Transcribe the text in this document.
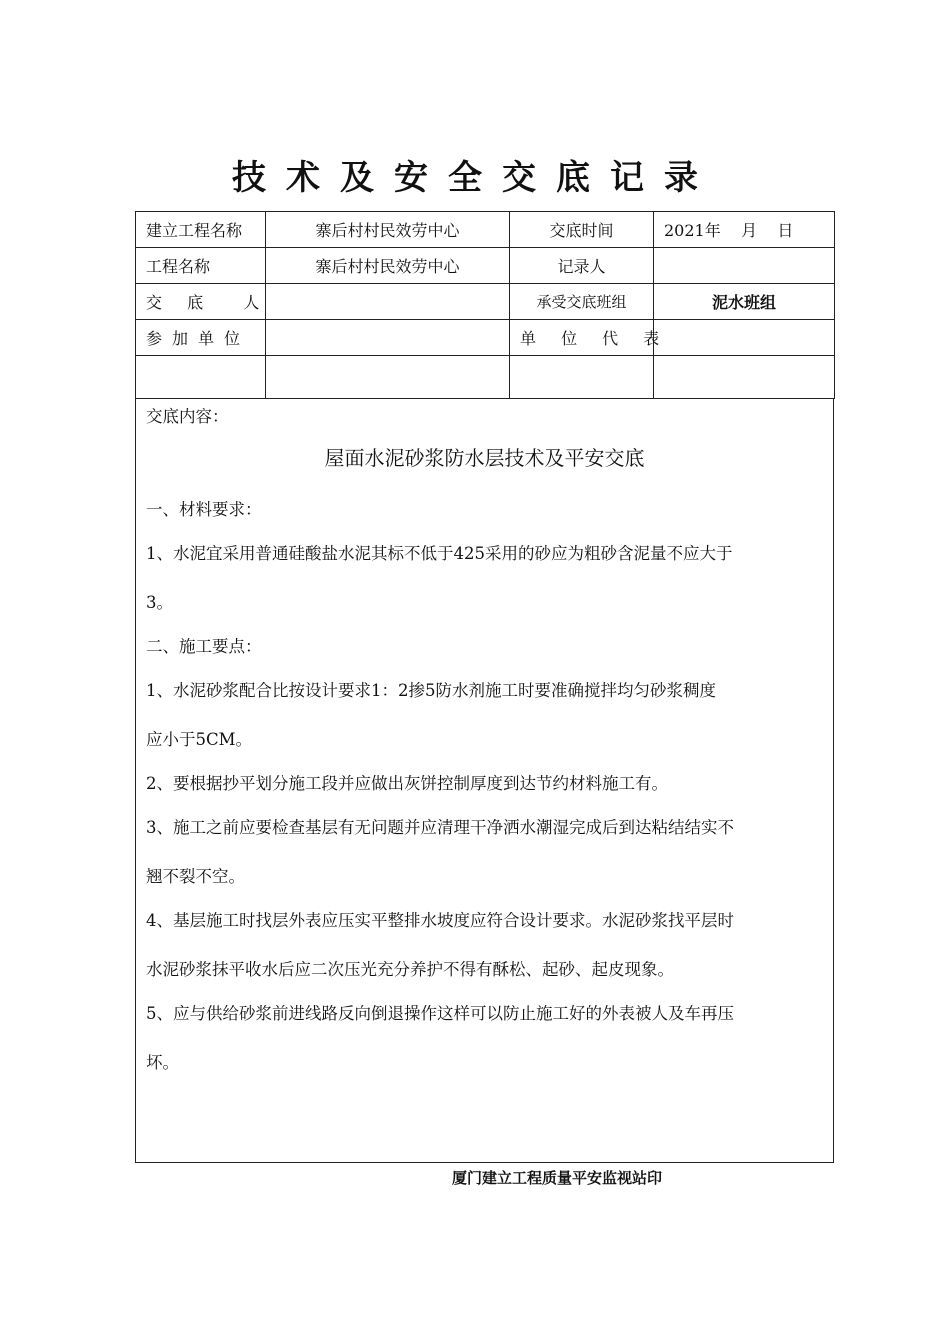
技术及安全交底记录
建立工程名称	寨后村村民效劳中心	交底时间	2021年    月    日
工程名称	寨后村村民效劳中心	记录人	
交 底  人		承受交底班组	泥水班组
参加单位		单 位 代 表	

交底内容：

屋面水泥砂浆防水层技术及平安交底

一、材料要求：

1、水泥宜采用普通硅酸盐水泥其标不低于425采用的砂应为粗砂含泥量不应大于

3。

二、施工要点：

1、水泥砂浆配合比按设计要求1：2掺5防水剂施工时要准确搅拌均匀砂浆稠度

应小于5CM。

2、要根据抄平划分施工段并应做出灰饼控制厚度到达节约材料施工有。

3、施工之前应要检查基层有无问题并应清理干净洒水潮湿完成后到达粘结结实不

翘不裂不空。

4、基层施工时找层外表应压实平整排水坡度应符合设计要求。水泥砂浆找平层时

水泥砂浆抹平收水后应二次压光充分养护不得有酥松、起砂、起皮现象。

5、应与供给砂浆前进线路反向倒退操作这样可以防止施工好的外表被人及车再压

坏。

厦门建立工程质量平安监视站印
